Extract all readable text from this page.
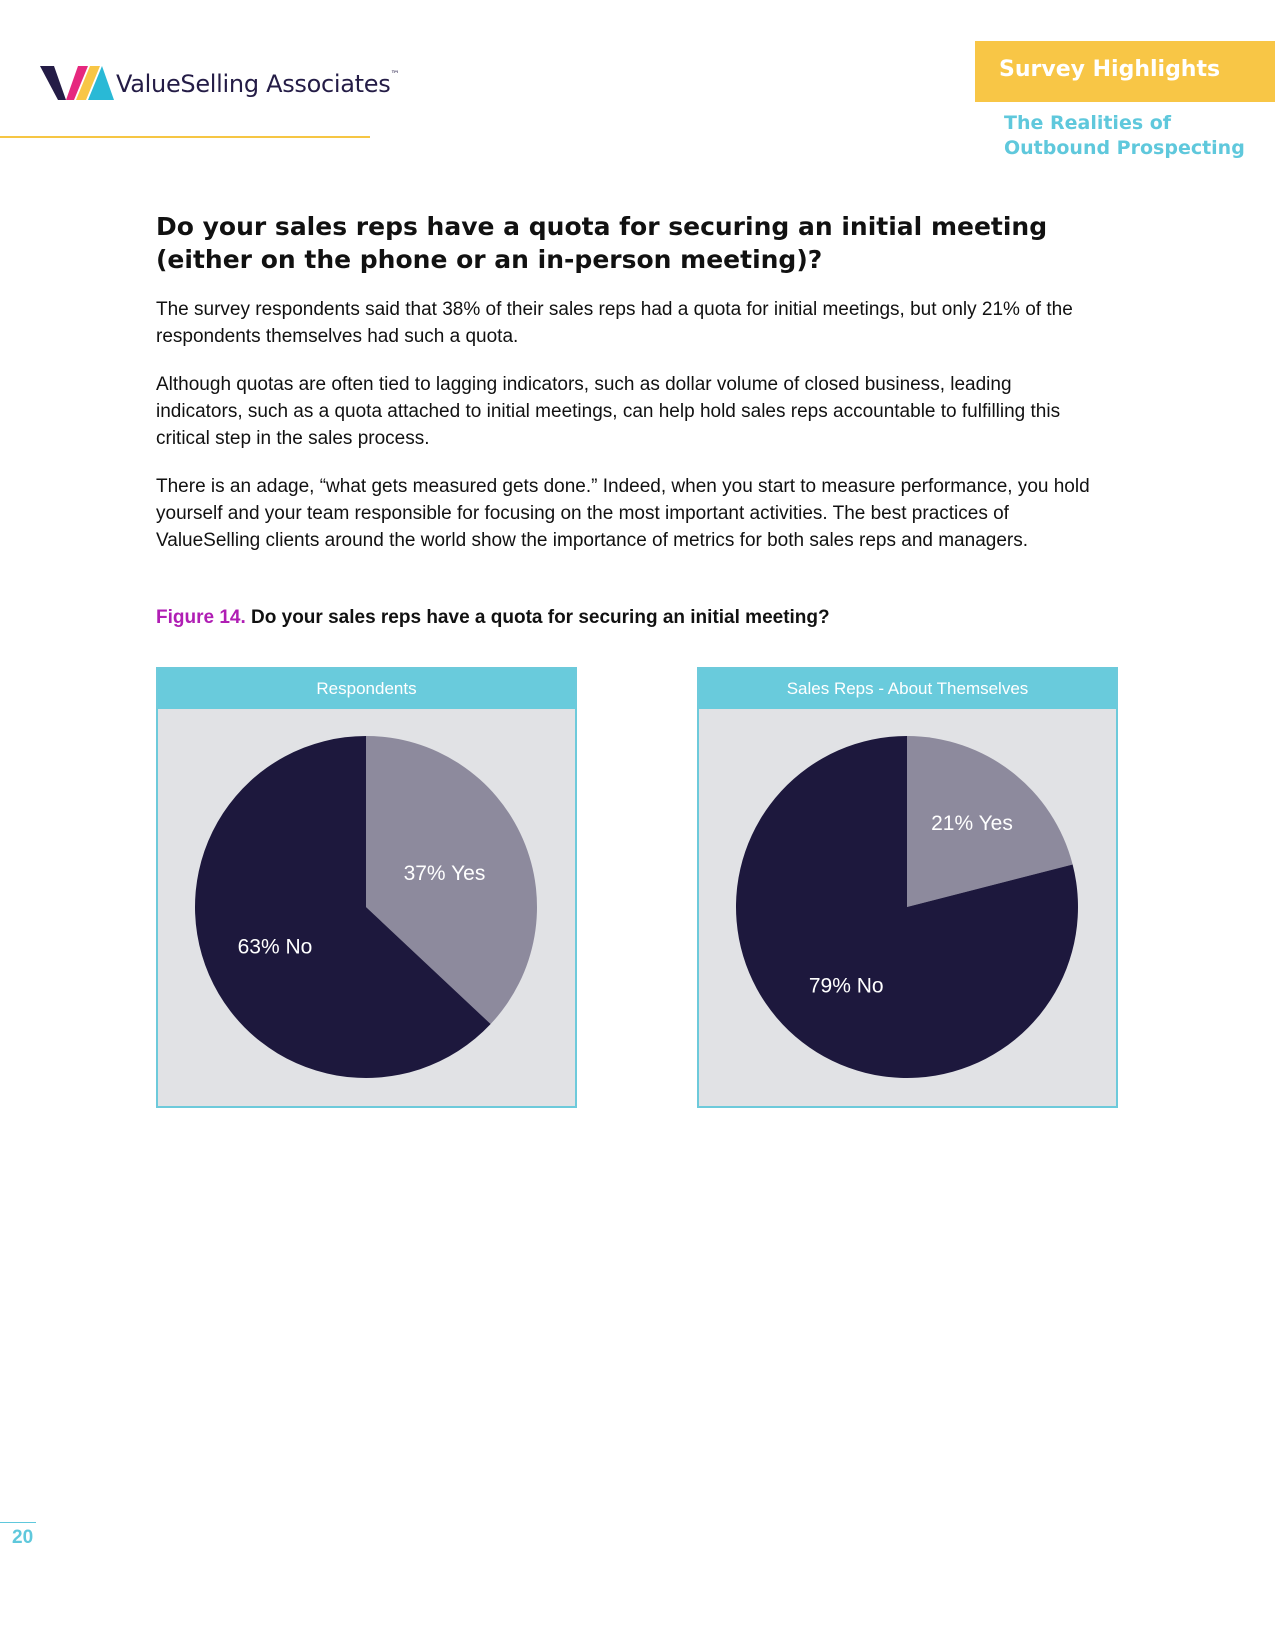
ValueSelling Associates™	Survey Highlights
The Realities of
Outbound Prospecting
Do your sales reps have a quota for securing an initial meeting (either on the phone or an in-person meeting)?

The survey respondents said that 38% of their sales reps had a quota for initial meetings, but only 21% of the respondents themselves had such a quota.

Although quotas are often tied to lagging indicators, such as dollar volume of closed business, leading indicators, such as a quota attached to initial meetings, can help hold sales reps accountable to fulfilling this critical step in the sales process.

There is an adage, “what gets measured gets done.” Indeed, when you start to measure performance, you hold yourself and your team responsible for focusing on the most important activities. The best practices of ValueSelling clients around the world show the importance of metrics for both sales reps and managers.

Figure 14. Do your sales reps have a quota for securing an initial meeting?
Respondents
37% Yes
63% No
Sales Reps - About Themselves
21% Yes
79% No
20
